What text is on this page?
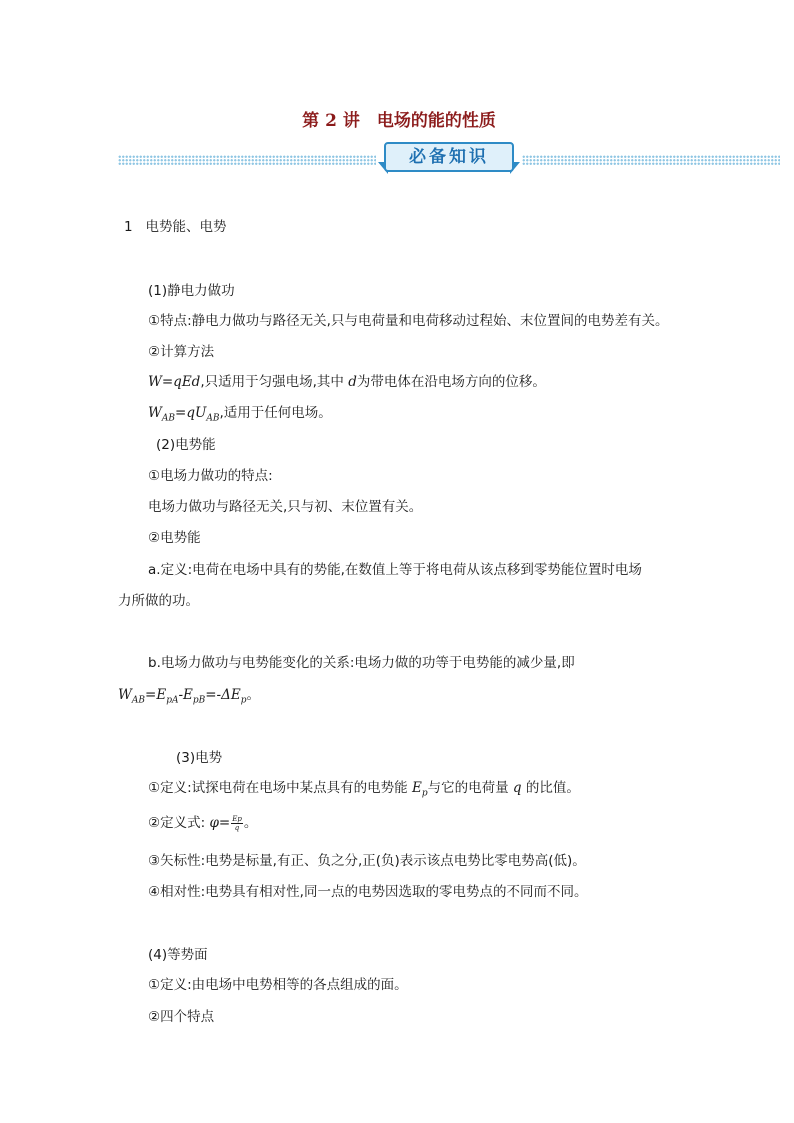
第 2 讲　电场的能的性质
必备知识
1 电势能、电势
(1)静电力做功
①特点:静电力做功与路径无关,只与电荷量和电荷移动过程始、末位置间的电势差有关。
②计算方法
W=qEd,只适用于匀强电场,其中 d为带电体在沿电场方向的位移。
$W_{AB}=qU_{AB}$,适用于任何电场。
(2)电势能
①电场力做功的特点:
电场力做功与路径无关,只与初、末位置有关。
②电势能
a.定义:电荷在电场中具有的势能,在数值上等于将电荷从该点移到零势能位置时电场
力所做的功。
b.电场力做功与电势能变化的关系:电场力做的功等于电势能的减少量,即
$W_{AB}=E_{pA}-E_{pB}=-\Delta E_p$。
(3)电势
①定义:试探电荷在电场中某点具有的电势能 $E_p$与它的电荷量 q 的比值。
②定义式: $\varphi= \frac{Ep}{q}$ 。
③矢标性:电势是标量,有正、负之分,正(负)表示该点电势比零电势高(低)。
④相对性:电势具有相对性,同一点的电势因选取的零电势点的不同而不同。
(4)等势面
①定义:由电场中电势相等的各点组成的面。
②四个特点
